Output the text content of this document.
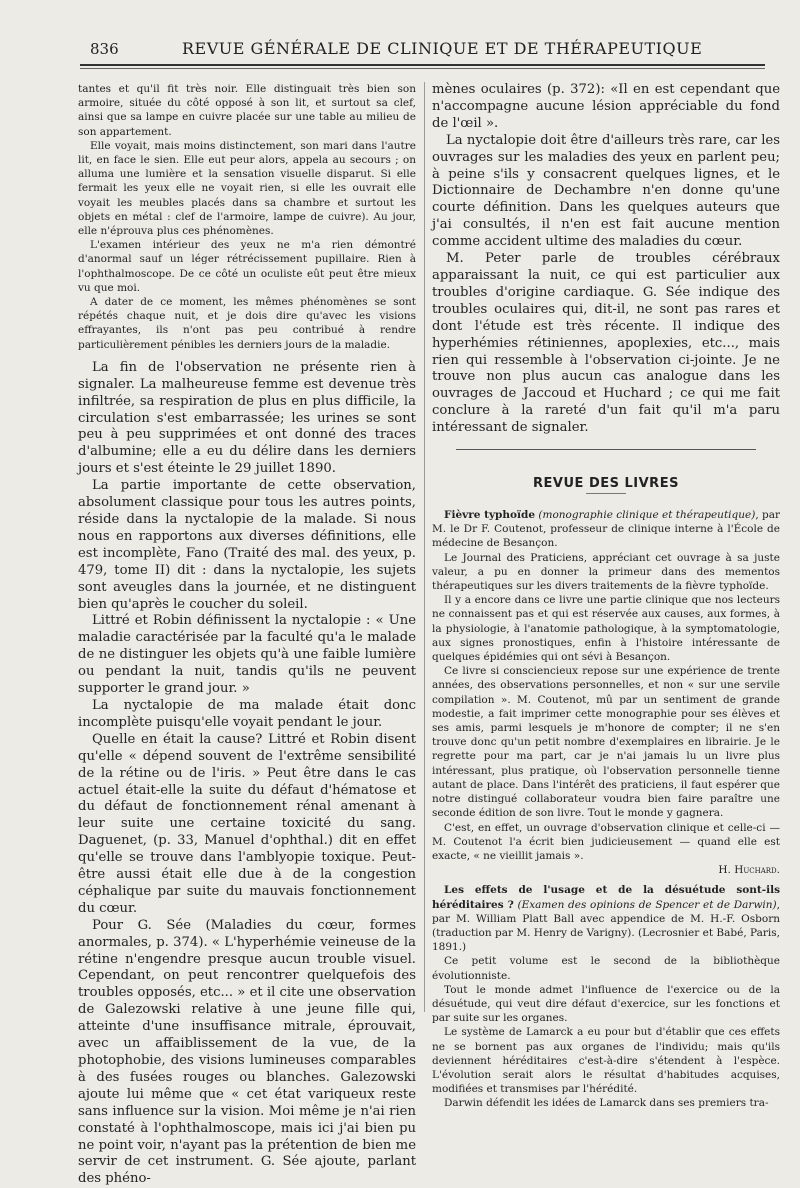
836	REVUE GÉNÉRALE DE CLINIQUE ET DE THÉRAPEUTIQUE

tantes et qu'il fit très noir. Elle distinguait très bien son armoire, située du côté opposé à son lit, et surtout sa clef, ainsi que sa lampe en cuivre placée sur une table au milieu de son appartement.

Elle voyait, mais moins distinctement, son mari dans l'autre lit, en face le sien. Elle eut peur alors, appela au secours ; on alluma une lumière et la sensation visuelle disparut. Si elle fermait les yeux elle ne voyait rien, si elle les ouvrait elle voyait les meubles placés dans sa chambre et surtout les objets en métal : clef de l'armoire, lampe de cuivre). Au jour, elle n'éprouva plus ces phénomènes.

L'examen intérieur des yeux ne m'a rien démontré d'anormal sauf un léger rétrécissement pupillaire. Rien à l'ophthalmoscope. De ce côté un oculiste eût peut être mieux vu que moi.

A dater de ce moment, les mêmes phénomènes se sont répétés chaque nuit, et je dois dire qu'avec les visions effrayantes, ils n'ont pas peu contribué à rendre particulièrement pénibles les derniers jours de la maladie.

La fin de l'observation ne présente rien à signaler. La malheureuse femme est devenue très infiltrée, sa respiration de plus en plus difficile, la circulation s'est embarrassée; les urines se sont peu à peu supprimées et ont donné des traces d'albumine; elle a eu du délire dans les derniers jours et s'est éteinte le 29 juillet 1890.

La partie importante de cette observation, absolument classique pour tous les autres points, réside dans la nyctalopie de la malade. Si nous nous en rapportons aux diverses définitions, elle est incomplète, Fano (Traité des mal. des yeux, p. 479, tome II) dit : dans la nyctalopie, les sujets sont aveugles dans la journée, et ne distinguent bien qu'après le coucher du soleil.

Littré et Robin définissent la nyctalopie : « Une maladie caractérisée par la faculté qu'a le malade de ne distinguer les objets qu'à une faible lumière ou pendant la nuit, tandis qu'ils ne peuvent supporter le grand jour. »

La nyctalopie de ma malade était donc incomplète puisqu'elle voyait pendant le jour.

Quelle en était la cause? Littré et Robin disent qu'elle « dépend souvent de l'extrême sensibilité de la rétine ou de l'iris. » Peut être dans le cas actuel était-elle la suite du défaut d'hématose et du défaut de fonctionnement rénal amenant à leur suite une certaine toxicité du sang. Daguenet, (p. 33, Manuel d'ophthal.) dit en effet qu'elle se trouve dans l'amblyopie toxique. Peut-être aussi était elle due à de la congestion céphalique par suite du mauvais fonctionnement du cœur.

Pour G. Sée (Maladies du cœur, formes anormales, p. 374). « L'hyperhémie veineuse de la rétine n'engendre presque aucun trouble visuel. Cependant, on peut rencontrer quelquefois des troubles opposés, etc... » et il cite une observation de Galezowski relative à une jeune fille qui, atteinte d'une insuffisance mitrale, éprouvait, avec un affaiblissement de la vue, de la photophobie, des visions lumineuses comparables à des fusées rouges ou blanches. Galezowski ajoute lui même que « cet état variqueux reste sans influence sur la vision. Moi même je n'ai rien constaté à l'ophthalmoscope, mais ici j'ai bien pu ne point voir, n'ayant pas la prétention de bien me servir de cet instrument. G. Sée ajoute, parlant des phéno-

mènes oculaires (p. 372): «Il en est cependant que n'accompagne aucune lésion appréciable du fond de l'œil ».

La nyctalopie doit être d'ailleurs très rare, car les ouvrages sur les maladies des yeux en parlent peu; à peine s'ils y consacrent quelques lignes, et le Dictionnaire de Dechambre n'en donne qu'une courte définition. Dans les quelques auteurs que j'ai consultés, il n'en est fait aucune mention comme accident ultime des maladies du cœur.

M. Peter parle de troubles cérébraux apparaissant la nuit, ce qui est particulier aux troubles d'origine cardiaque. G. Sée indique des troubles oculaires qui, dit-il, ne sont pas rares et dont l'étude est très récente. Il indique des hyperhémies rétiniennes, apoplexies, etc..., mais rien qui ressemble à l'observation ci-jointe. Je ne trouve non plus aucun cas analogue dans les ouvrages de Jaccoud et Huchard ; ce qui me fait conclure à la rareté d'un fait qu'il m'a paru intéressant de signaler.

REVUE DES LIVRES

Fièvre typhoïde (monographie clinique et thérapeutique), par M. le Dr F. Coutenot, professeur de clinique interne à l'École de médecine de Besançon.

Le Journal des Praticiens, appréciant cet ouvrage à sa juste valeur, a pu en donner la primeur dans des mementos thérapeutiques sur les divers traitements de la fièvre typhoïde.

Il y a encore dans ce livre une partie clinique que nos lecteurs ne connaissent pas et qui est réservée aux causes, aux formes, à la physiologie, à l'anatomie pathologique, à la symptomatologie, aux signes pronostiques, enfin à l'histoire intéressante de quelques épidémies qui ont sévi à Besançon.

Ce livre si consciencieux repose sur une expérience de trente années, des observations personnelles, et non « sur une servile compilation ». M. Coutenot, mû par un sentiment de grande modestie, a fait imprimer cette monographie pour ses élèves et ses amis, parmi lesquels je m'honore de compter; il ne s'en trouve donc qu'un petit nombre d'exemplaires en librairie. Je le regrette pour ma part, car je n'ai jamais lu un livre plus intéressant, plus pratique, où l'observation personnelle tienne autant de place. Dans l'intérêt des praticiens, il faut espérer que notre distingué collaborateur voudra bien faire paraître une seconde édition de son livre. Tout le monde y gagnera.

C'est, en effet, un ouvrage d'observation clinique et celle-ci — M. Coutenot l'a écrit bien judicieusement — quand elle est exacte, « ne vieillit jamais ».

H. Huchard.

Les effets de l'usage et de la désuétude sont-ils héréditaires ? (Examen des opinions de Spencer et de Darwin), par M. William Platt Ball avec appendice de M. H.-F. Osborn (traduction par M. Henry de Varigny). (Lecrosnier et Babé, Paris, 1891.)

Ce petit volume est le second de la bibliothèque évolutionniste.

Tout le monde admet l'influence de l'exercice ou de la désuétude, qui veut dire défaut d'exercice, sur les fonctions et par suite sur les organes.

Le système de Lamarck a eu pour but d'établir que ces effets ne se bornent pas aux organes de l'individu; mais qu'ils deviennent héréditaires c'est-à-dire s'étendent à l'espèce. L'évolution serait alors le résultat d'habitudes acquises, modifiées et transmises par l'hérédité.

Darwin défendit les idées de Lamarck dans ses premiers tra-
